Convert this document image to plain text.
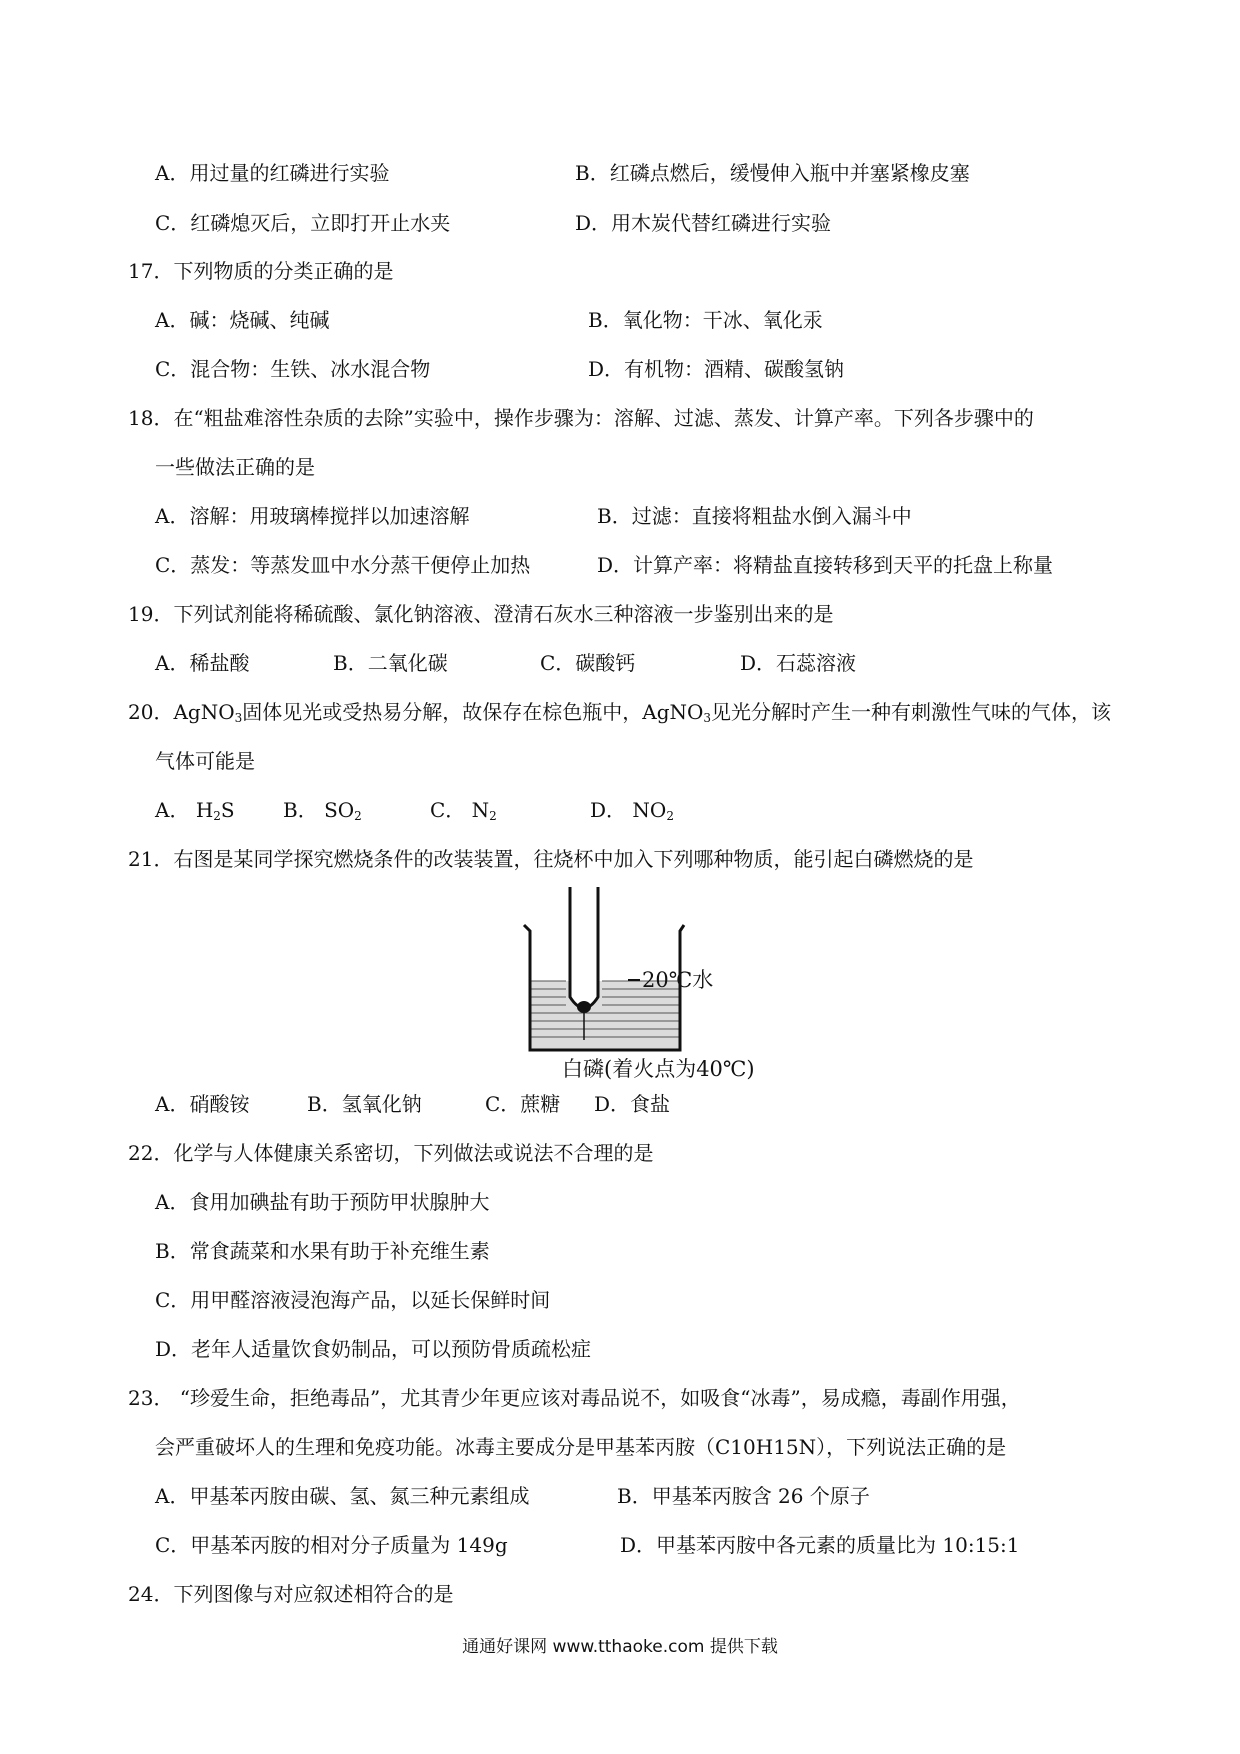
A．用过量的红磷进行实验	B．红磷点燃后，缓慢伸入瓶中并塞紧橡皮塞
C．红磷熄灭后，立即打开止水夹	D．用木炭代替红磷进行实验
17．下列物质的分类正确的是
A．碱：烧碱、纯碱	B．氧化物：干冰、氧化汞
C．混合物：生铁、冰水混合物	D．有机物：酒精、碳酸氢钠
18．在“粗盐难溶性杂质的去除”实验中，操作步骤为：溶解、过滤、蒸发、计算产率。下列各步骤中的
一些做法正确的是
A．溶解：用玻璃棒搅拌以加速溶解	B．过滤：直接将粗盐水倒入漏斗中
C．蒸发：等蒸发皿中水分蒸干便停止加热	D．计算产率：将精盐直接转移到天平的托盘上称量
19．下列试剂能将稀硫酸、氯化钠溶液、澄清石灰水三种溶液一步鉴别出来的是
A．稀盐酸	B．二氧化碳	C．碳酸钙	D．石蕊溶液
20．AgNO$_3$固体见光或受热易分解，故保存在棕色瓶中，AgNO$_3$见光分解时产生一种有刺激性气味的气体，该
气体可能是
A． $H_2S$ B． $SO_2$	C． $N_2$	D． $NO_2$
21．右图是某同学探究燃烧条件的改装装置，往烧杯中加入下列哪种物质，能引起白磷燃烧的是
20℃水
白磷(着火点为40℃)
A．硝酸铵	B．氢氧化钠	C．蔗糖 D．食盐
22．化学与人体健康关系密切，下列做法或说法不合理的是
A．食用加碘盐有助于预防甲状腺肿大
B．常食蔬菜和水果有助于补充维生素
C．用甲醛溶液浸泡海产品，以延长保鲜时间
D．老年人适量饮食奶制品，可以预防骨质疏松症
23． “珍爱生命，拒绝毒品”，尤其青少年更应该对毒品说不，如吸食“冰毒”，易成瘾，毒副作用强，
会严重破坏人的生理和免疫功能。冰毒主要成分是甲基苯丙胺（C10H15N），下列说法正确的是
A．甲基苯丙胺由碳、氢、氮三种元素组成	B．甲基苯丙胺含 26 个原子
C．甲基苯丙胺的相对分子质量为 149g	D．甲基苯丙胺中各元素的质量比为 10:15:1
24．下列图像与对应叙述相符合的是
通通好课网 www.tthaoke.com 提供下载
